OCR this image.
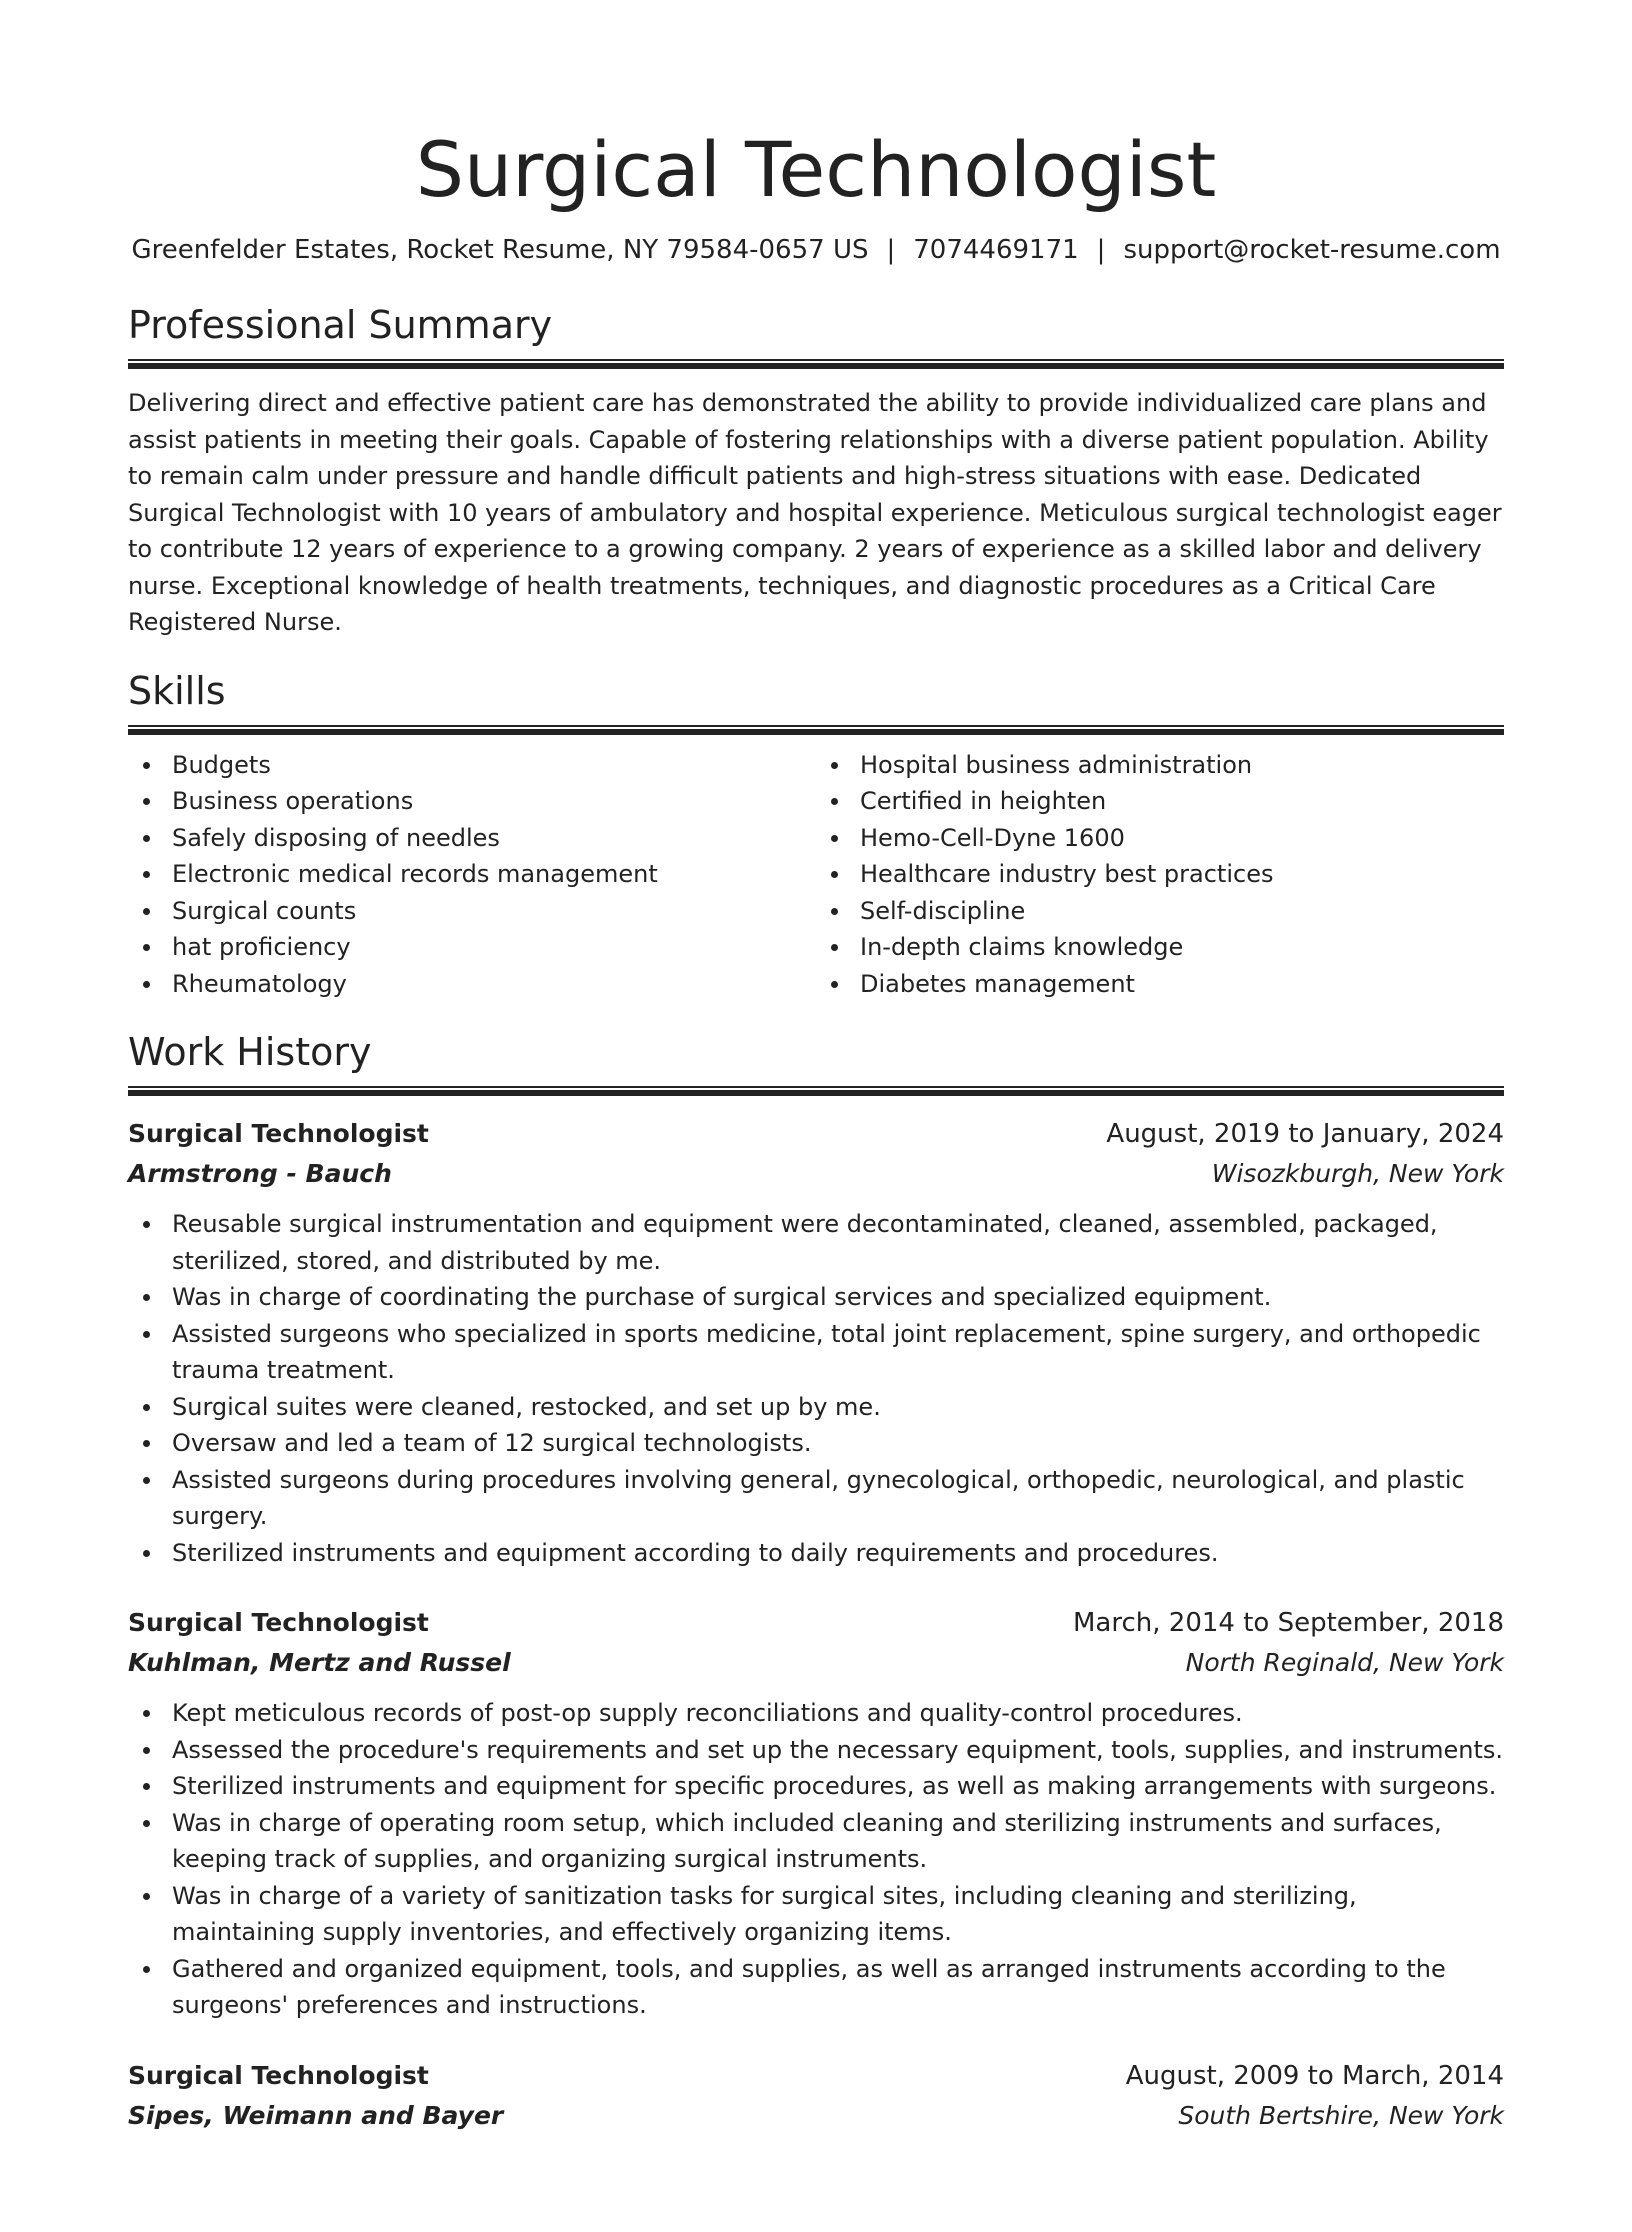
Surgical Technologist
Greenfelder Estates, Rocket Resume, NY 79584-0657 US | 7074469171 | support@rocket-resume.com
Professional Summary

Delivering direct and effective patient care has demonstrated the ability to provide individualized care plans and assist patients in meeting their goals. Capable of fostering relationships with a diverse patient population. Ability to remain calm under pressure and handle difficult patients and high-stress situations with ease. Dedicated Surgical Technologist with 10 years of ambulatory and hospital experience. Meticulous surgical technologist eager to contribute 12 years of experience to a growing company. 2 years of experience as a skilled labor and delivery nurse. Exceptional knowledge of health treatments, techniques, and diagnostic procedures as a Critical Care Registered Nurse.

Skills
Budgets
Business operations
Safely disposing of needles
Electronic medical records management
Surgical counts
hat proficiency
Rheumatology
Hospital business administration
Certified in heighten
Hemo-Cell-Dyne 1600
Healthcare industry best practices
Self-discipline
In-depth claims knowledge
Diabetes management
Work History
Surgical Technologist	August, 2019 to January, 2024
Armstrong - Bauch	Wisozkburgh, New York
Reusable surgical instrumentation and equipment were decontaminated, cleaned, assembled, packaged, sterilized, stored, and distributed by me.
Was in charge of coordinating the purchase of surgical services and specialized equipment.
Assisted surgeons who specialized in sports medicine, total joint replacement, spine surgery, and orthopedic trauma treatment.
Surgical suites were cleaned, restocked, and set up by me.
Oversaw and led a team of 12 surgical technologists.
Assisted surgeons during procedures involving general, gynecological, orthopedic, neurological, and plastic surgery.
Sterilized instruments and equipment according to daily requirements and procedures.
Surgical Technologist	March, 2014 to September, 2018
Kuhlman, Mertz and Russel	North Reginald, New York
Kept meticulous records of post-op supply reconciliations and quality-control procedures.
Assessed the procedure's requirements and set up the necessary equipment, tools, supplies, and instruments.
Sterilized instruments and equipment for specific procedures, as well as making arrangements with surgeons.
Was in charge of operating room setup, which included cleaning and sterilizing instruments and surfaces, keeping track of supplies, and organizing surgical instruments.
Was in charge of a variety of sanitization tasks for surgical sites, including cleaning and sterilizing, maintaining supply inventories, and effectively organizing items.
Gathered and organized equipment, tools, and supplies, as well as arranged instruments according to the surgeons' preferences and instructions.
Surgical Technologist	August, 2009 to March, 2014
Sipes, Weimann and Bayer	South Bertshire, New York
